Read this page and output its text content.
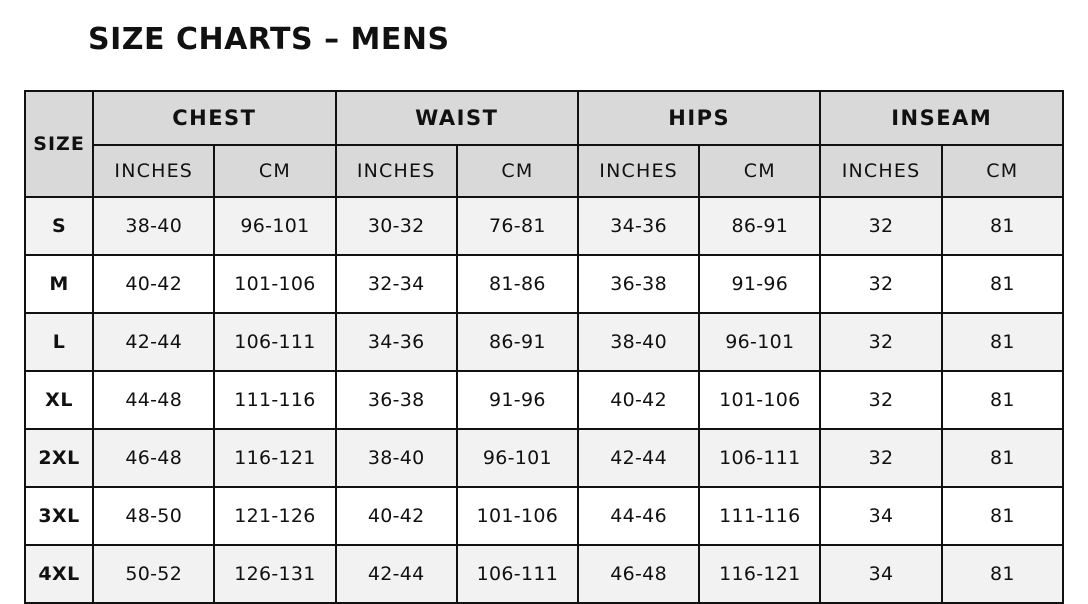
SIZE CHARTS – MENS
SIZE	CHEST		WAIST		HIPS		INSEAM	
	INCHES	CM	INCHES	CM	INCHES	CM	INCHES	CM
S	38-40	96-101	30-32	76-81	34-36	86-91	32	81
M	40-42	101-106	32-34	81-86	36-38	91-96	32	81
L	42-44	106-111	34-36	86-91	38-40	96-101	32	81
XL	44-48	111-116	36-38	91-96	40-42	101-106	32	81
2XL	46-48	116-121	38-40	96-101	42-44	106-111	32	81
3XL	48-50	121-126	40-42	101-106	44-46	111-116	34	81
4XL	50-52	126-131	42-44	106-111	46-48	116-121	34	81
